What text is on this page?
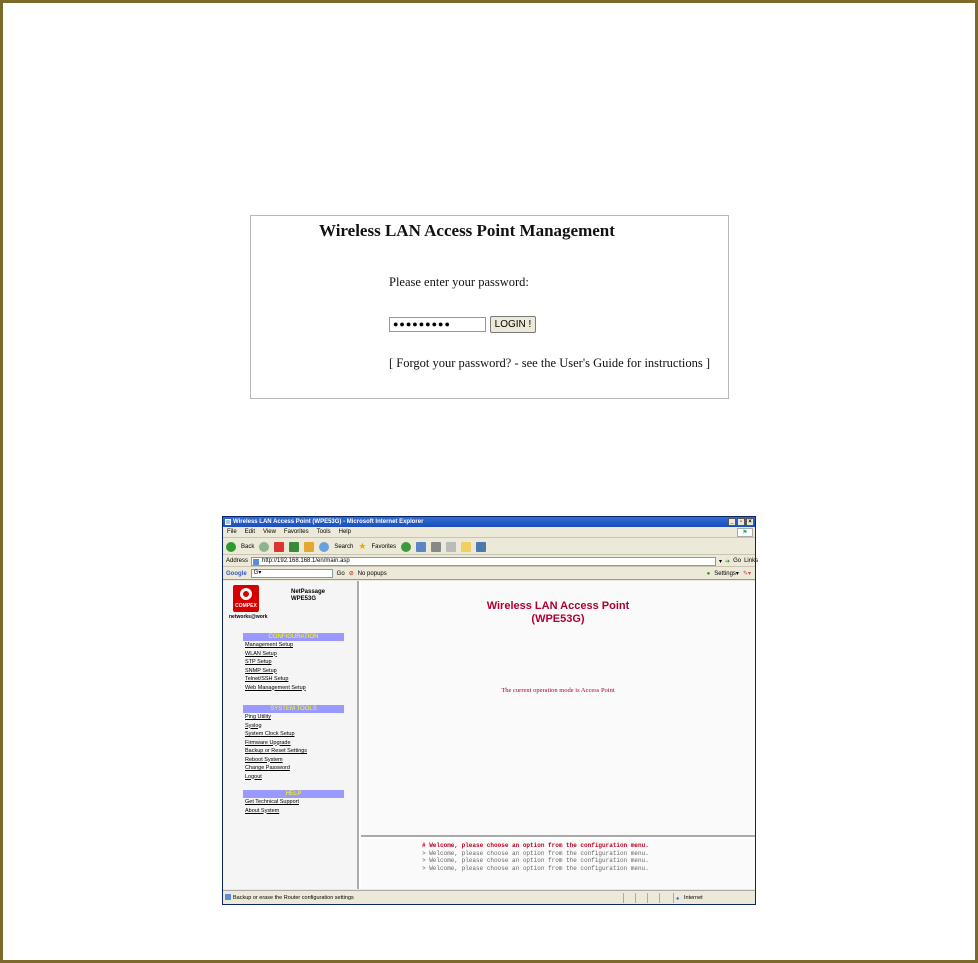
Wireless LAN Access Point Management
Please enter your password:
●●●●●●●●●	LOGIN !
[ Forgot your password? - see the User's Guide for instructions ]
Wireless LAN Access Point (WPE53G) - Microsoft Internet Explorer	_	▫	×
File Edit View Favorites Tools Help	⚑
Back	Search ★ Favorites
Address	http://192.168.168.1/en/main.asp	▾ ➔ Go Links
Google	G▾	Go ⊘ No popups	● Settings▾ ✎▾
COMPEX
networks@work
NetPassage
WPE53G
CONFIGURATION
Management Setup
WLAN Setup
STP Setup
SNMP Setup
Telnet/SSH Setup
Web Management Setup
SYSTEM TOOLS
Ping Utility
Syslog
System Clock Setup
Firmware Upgrade
Backup or Reset Settings
Reboot System
Change Password
Logout
HELP
Get Technical Support
About System
Wireless LAN Access Point
(WPE53G)
The current operation mode is Access Point
# Welcome, please choose an option from the configuration menu.
> Welcome, please choose an option from the configuration menu.
> Welcome, please choose an option from the configuration menu.
> Welcome, please choose an option from the configuration menu.
Backup or erase the Router configuration settings	● Internet
